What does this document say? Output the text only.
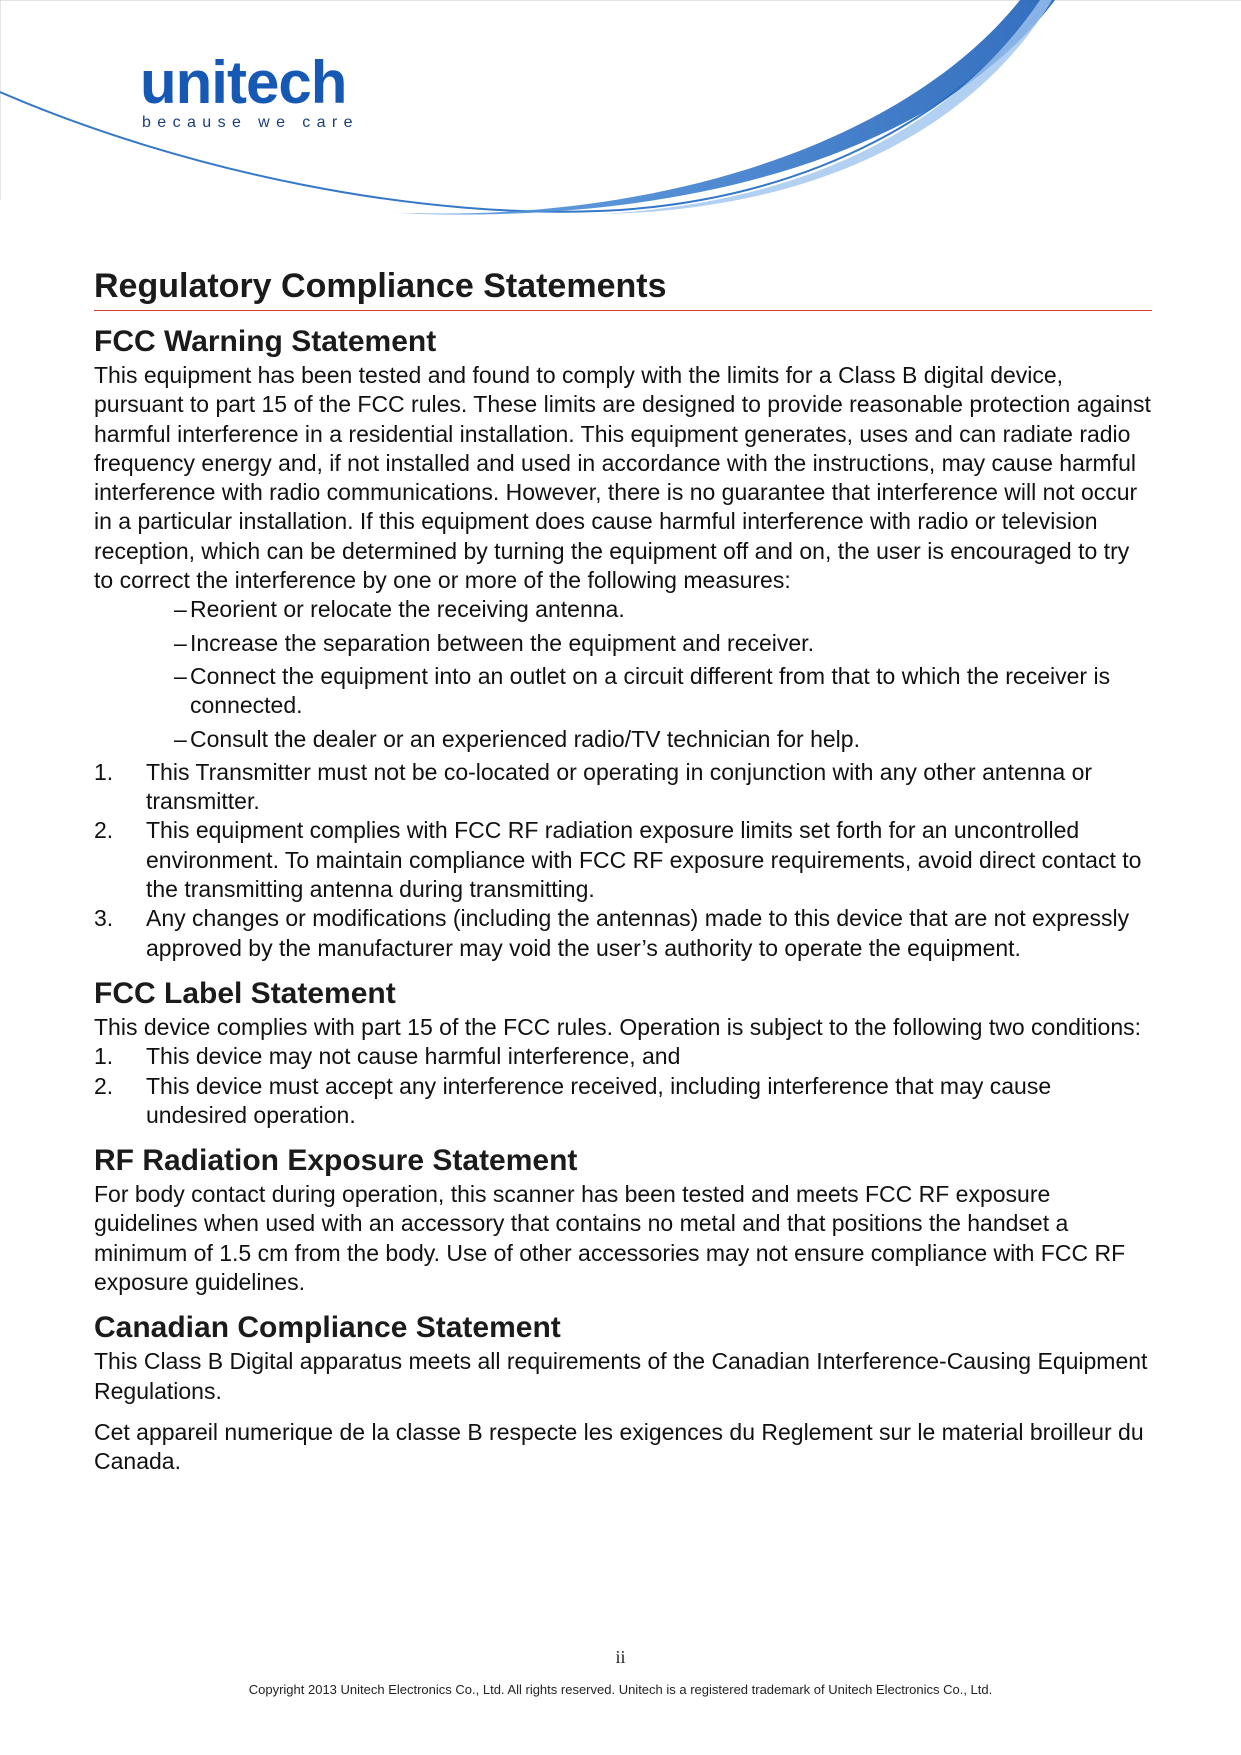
unitech
because we care
Regulatory Compliance Statements
FCC Warning Statement

This equipment has been tested and found to comply with the limits for a Class B digital device, pursuant to part 15 of the FCC rules. These limits are designed to provide reasonable protection against harmful interference in a residential installation. This equipment generates, uses and can radiate radio frequency energy and, if not installed and used in accordance with the instructions, may cause harmful interference with radio communications. However, there is no guarantee that interference will not occur in a particular installation. If this equipment does cause harmful interference with radio or television reception, which can be determined by turning the equipment off and on, the user is encouraged to try to correct the interference by one or more of the following measures:

– Reorient or relocate the receiving antenna.
– Increase the separation between the equipment and receiver.
– Connect the equipment into an outlet on a circuit different from that to which the receiver is connected.
– Consult the dealer or an experienced radio/TV technician for help.
1. This Transmitter must not be co-located or operating in conjunction with any other antenna or transmitter.
2. This equipment complies with FCC RF radiation exposure limits set forth for an uncontrolled environment. To maintain compliance with FCC RF exposure requirements, avoid direct contact to the transmitting antenna during transmitting.
3. Any changes or modifications (including the antennas) made to this device that are not expressly approved by the manufacturer may void the user’s authority to operate the equipment.
FCC Label Statement

This device complies with part 15 of the FCC rules. Operation is subject to the following two conditions:

1. This device may not cause harmful interference, and
2. This device must accept any interference received, including interference that may cause undesired operation.
RF Radiation Exposure Statement

For body contact during operation, this scanner has been tested and meets FCC RF exposure guidelines when used with an accessory that contains no metal and that positions the handset a minimum of 1.5 cm from the body. Use of other accessories may not ensure compliance with FCC RF exposure guidelines.

Canadian Compliance Statement

This Class B Digital apparatus meets all requirements of the Canadian Interference-Causing Equipment Regulations.

Cet appareil numerique de la classe B respecte les exigences du Reglement sur le material broilleur du Canada.

ii
Copyright 2013 Unitech Electronics Co., Ltd. All rights reserved. Unitech is a registered trademark of Unitech Electronics Co., Ltd.
